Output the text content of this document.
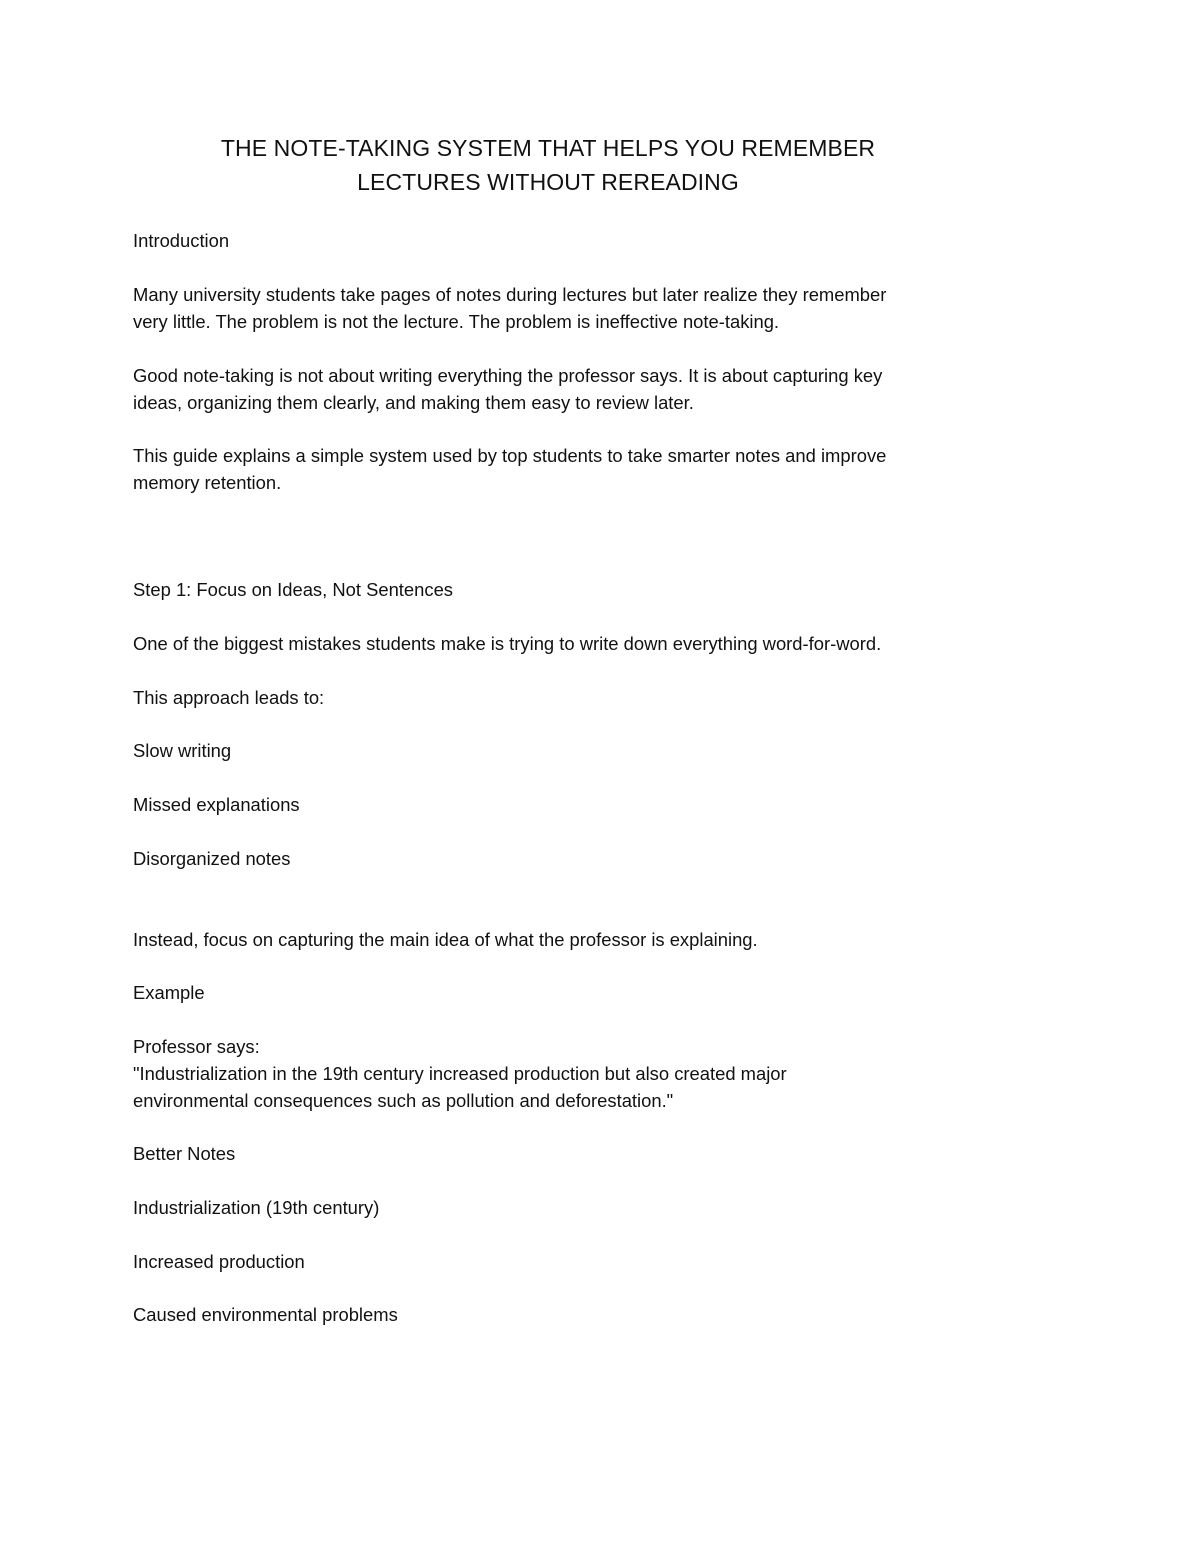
THE NOTE-TAKING SYSTEM THAT HELPS YOU REMEMBER
LECTURES WITHOUT REREADING

Introduction

Many university students take pages of notes during lectures but later realize they remember

very little. The problem is not the lecture. The problem is ineffective note-taking.

Good note-taking is not about writing everything the professor says. It is about capturing key

ideas, organizing them clearly, and making them easy to review later.

This guide explains a simple system used by top students to take smarter notes and improve

memory retention.

Step 1: Focus on Ideas, Not Sentences

One of the biggest mistakes students make is trying to write down everything word-for-word.

This approach leads to:

Slow writing

Missed explanations

Disorganized notes

Instead, focus on capturing the main idea of what the professor is explaining.

Example

Professor says:

"Industrialization in the 19th century increased production but also created major

environmental consequences such as pollution and deforestation."

Better Notes

Industrialization (19th century)

Increased production

Caused environmental problems
